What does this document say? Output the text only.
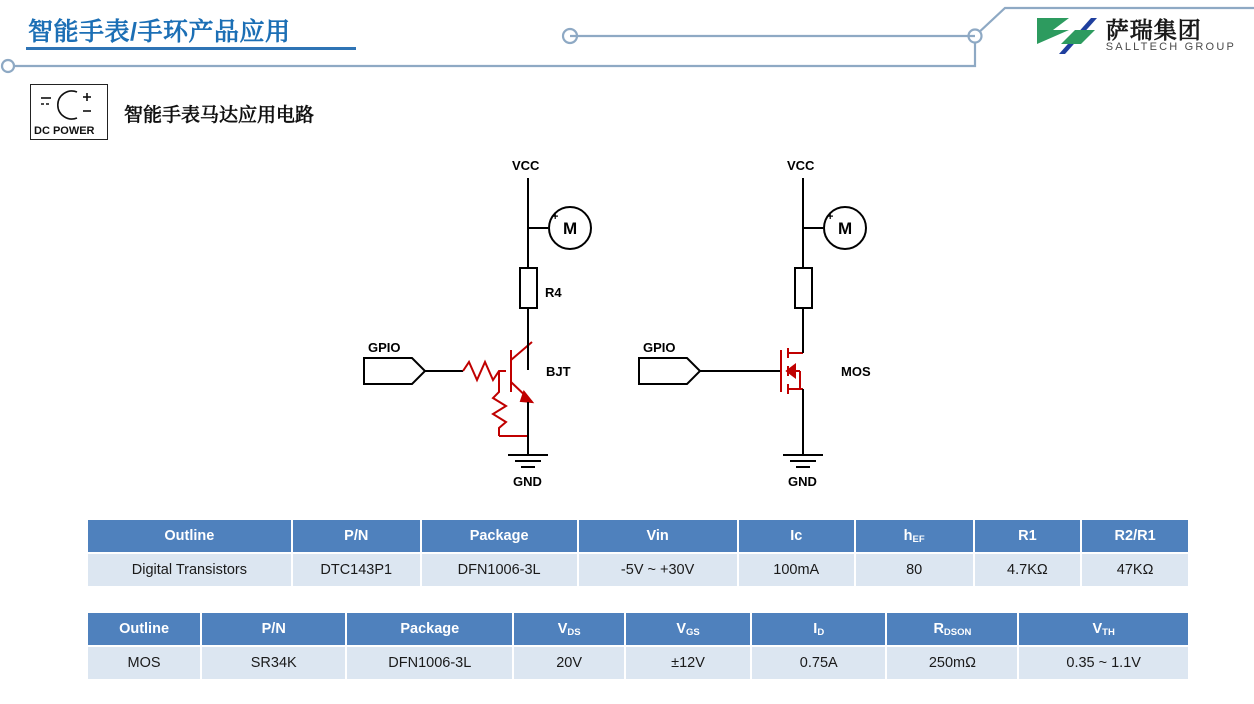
智能手表/手环产品应用	萨瑞集团
SALLTECH GROUP
DC POWER
智能手表马达应用电路
VCC
M
+
R4
BJT
GPIO
GND
VCC
M
+
MOS
GPIO
GND
Outline	P/N	Package	Vin	Ic	$h_{EF}$	R1	R2/R1
Digital Transistors	DTC143P1	DFN1006-3L	-5V ~ +30V	100mA	80	4.7KΩ	47KΩ
Outline	P/N	Package	$V_{DS}$	$V_{GS}$	$I_D$	$R_{DSON}$	$V_{TH}$
MOS	SR34K	DFN1006-3L	20V	±12V	0.75A	250mΩ	0.35 ~ 1.1V
